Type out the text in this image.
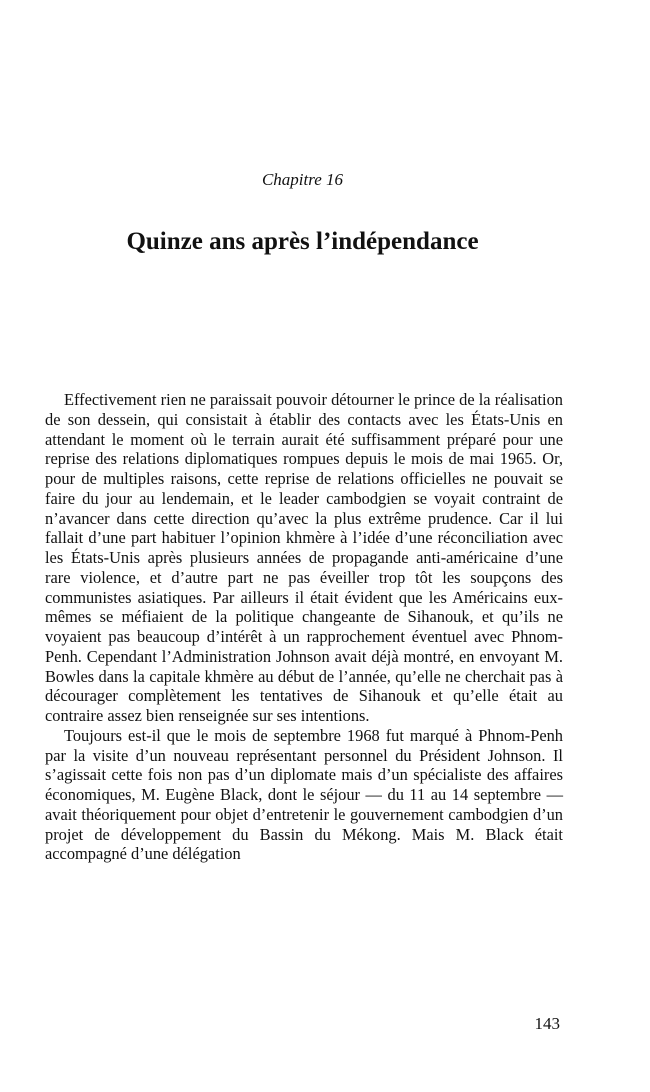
Chapitre 16
Quinze ans après l’indépendance

Effectivement rien ne paraissait pouvoir détourner le prince de la réalisation de son dessein, qui consistait à établir des contacts avec les États-Unis en attendant le moment où le terrain aurait été suffisamment préparé pour une reprise des relations diplomatiques rompues depuis le mois de mai 1965. Or, pour de multiples raisons, cette reprise de relations officielles ne pouvait se faire du jour au lendemain, et le leader cambodgien se voyait contraint de n’avancer dans cette direction qu’avec la plus extrême prudence. Car il lui fallait d’une part habituer l’opinion khmère à l’idée d’une réconciliation avec les États-Unis après plusieurs années de propagande anti-américaine d’une rare violence, et d’autre part ne pas éveiller trop tôt les soupçons des communistes asiatiques. Par ailleurs il était évident que les Américains eux-mêmes se méfiaient de la politique changeante de Sihanouk, et qu’ils ne voyaient pas beaucoup d’intérêt à un rapprochement éventuel avec Phnom-Penh. Cependant l’Administration Johnson avait déjà montré, en envoyant M. Bowles dans la capitale khmère au début de l’année, qu’elle ne cherchait pas à décourager complètement les tentatives de Sihanouk et qu’elle était au contraire assez bien renseignée sur ses intentions.

Toujours est-il que le mois de septembre 1968 fut marqué à Phnom-Penh par la visite d’un nouveau représentant personnel du Président Johnson. Il s’agissait cette fois non pas d’un diplomate mais d’un spécialiste des affaires économiques, M. Eugène Black, dont le séjour — du 11 au 14 septembre — avait théoriquement pour objet d’entretenir le gouvernement cambodgien d’un projet de développement du Bassin du Mékong. Mais M. Black était accompagné d’une délégation

143
